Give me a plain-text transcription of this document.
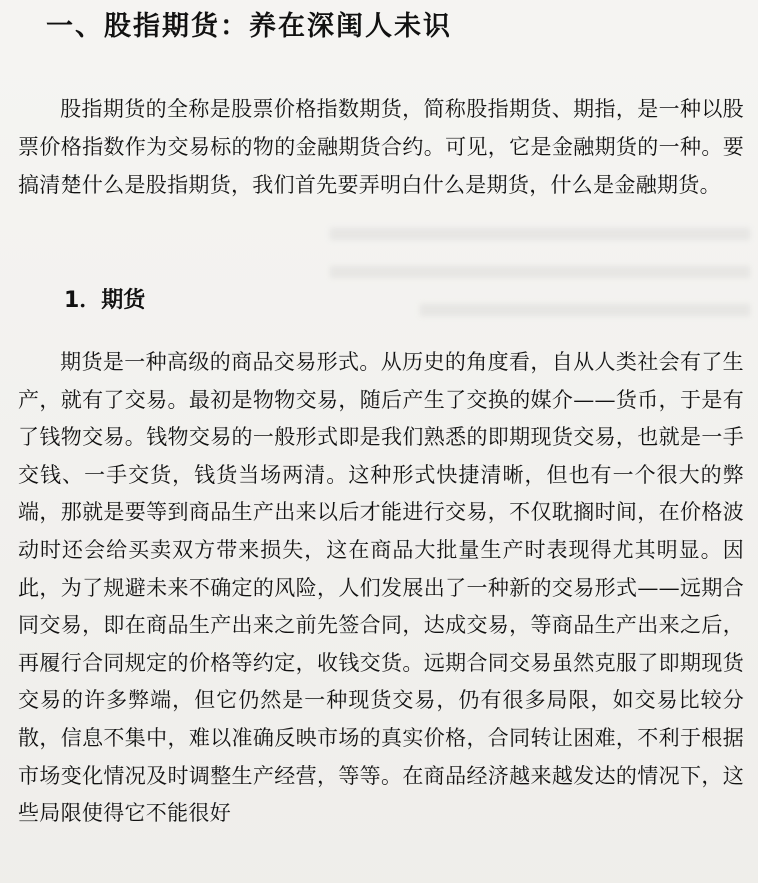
一、股指期货：养在深闺人未识
股指期货的全称是股票价格指数期货，简称股指期货、期指，是一种以股票价格指数作为交易标的物的金融期货合约。可见，它是金融期货的一种。要搞清楚什么是股指期货，我们首先要弄明白什么是期货，什么是金融期货。
1．期货
期货是一种高级的商品交易形式。从历史的角度看，自从人类社会有了生产，就有了交易。最初是物物交易，随后产生了交换的媒介——货币，于是有了钱物交易。钱物交易的一般形式即是我们熟悉的即期现货交易，也就是一手交钱、一手交货，钱货当场两清。这种形式快捷清晰，但也有一个很大的弊端，那就是要等到商品生产出来以后才能进行交易，不仅耽搁时间，在价格波动时还会给买卖双方带来损失，这在商品大批量生产时表现得尤其明显。因此，为了规避未来不确定的风险，人们发展出了一种新的交易形式——远期合同交易，即在商品生产出来之前先签合同，达成交易，等商品生产出来之后，再履行合同规定的价格等约定，收钱交货。远期合同交易虽然克服了即期现货交易的许多弊端，但它仍然是一种现货交易，仍有很多局限，如交易比较分散，信息不集中，难以准确反映市场的真实价格，合同转让困难，不利于根据市场变化情况及时调整生产经营，等等。在商品经济越来越发达的情况下，这些局限使得它不能很好
